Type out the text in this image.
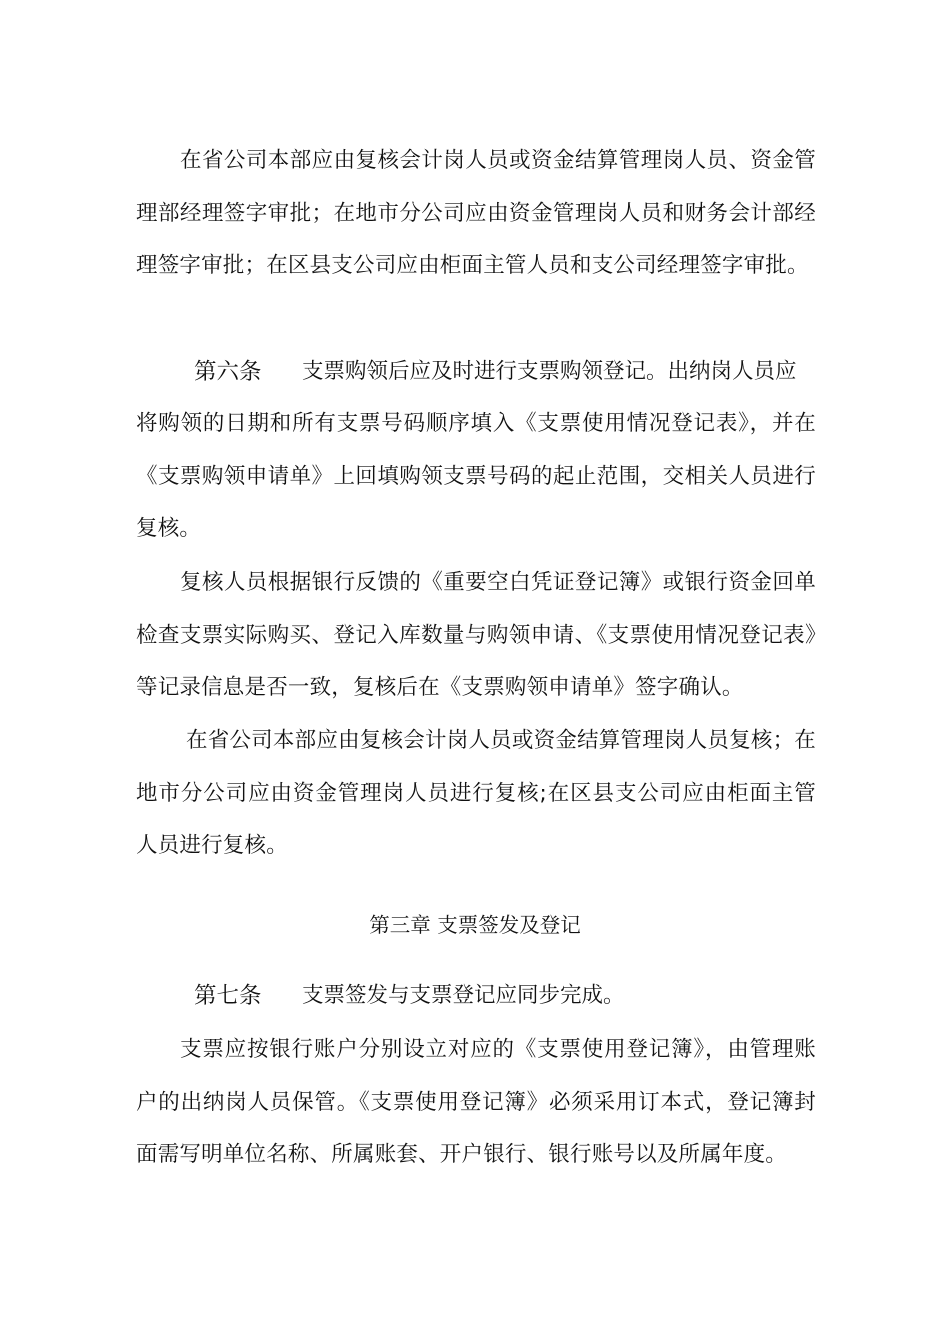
在省公司本部应由复核会计岗人员或资金结算管理岗人员、资金管理部经理签字审批；在地市分公司应由资金管理岗人员和财务会计部经理签字审批；在区县支公司应由柜面主管人员和支公司经理签字审批。

第六条 支票购领后应及时进行支票购领登记。出纳岗人员应

将购领的日期和所有支票号码顺序填入《支票使用情况登记表》，并在《支票购领申请单》上回填购领支票号码的起止范围，交相关人员进行复核。

复核人员根据银行反馈的《重要空白凭证登记簿》或银行资金回单检查支票实际购买、登记入库数量与购领申请、《支票使用情况登记表》等记录信息是否一致，复核后在《支票购领申请单》签字确认。

在省公司本部应由复核会计岗人员或资金结算管理岗人员复核；在地市分公司应由资金管理岗人员进行复核;在区县支公司应由柜面主管人员进行复核。

第三章 支票签发及登记

第七条 支票签发与支票登记应同步完成。

支票应按银行账户分别设立对应的《支票使用登记簿》，由管理账户的出纳岗人员保管。《支票使用登记簿》必须采用订本式，登记簿封面需写明单位名称、所属账套、开户银行、银行账号以及所属年度。
